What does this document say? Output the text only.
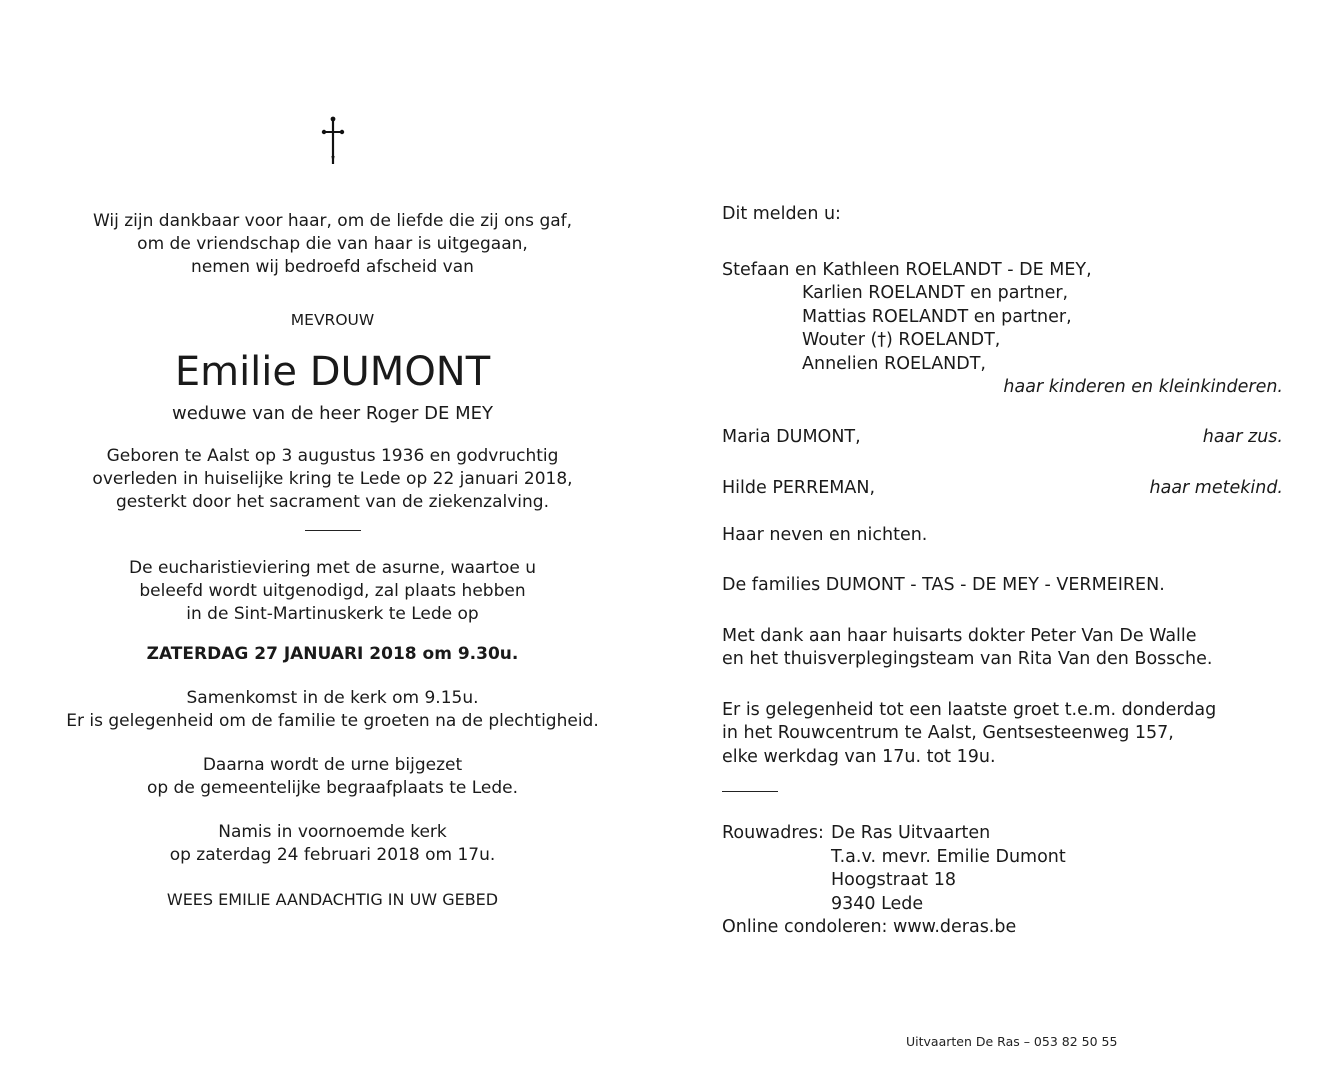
Wij zijn dankbaar voor haar, om de liefde die zij ons gaf,
om de vriendschap die van haar is uitgegaan,
nemen wij bedroefd afscheid van
MEVROUW
Emilie DUMONT
weduwe van de heer Roger DE MEY
Geboren te Aalst op 3 augustus 1936 en godvruchtig
overleden in huiselijke kring te Lede op 22 januari 2018,
gesterkt door het sacrament van de ziekenzalving.
De eucharistieviering met de asurne, waartoe u
beleefd wordt uitgenodigd, zal plaats hebben
in de Sint-Martinuskerk te Lede op
ZATERDAG 27 JANUARI 2018 om 9.30u.
Samenkomst in de kerk om 9.15u.
Er is gelegenheid om de familie te groeten na de plechtigheid.
Daarna wordt de urne bijgezet
op de gemeentelijke begraafplaats te Lede.
Namis in voornoemde kerk
op zaterdag 24 februari 2018 om 17u.
WEES EMILIE AANDACHTIG IN UW GEBED
Dit melden u:
Stefaan en Kathleen ROELANDT - DE MEY,
Karlien ROELANDT en partner,
Mattias ROELANDT en partner,
Wouter (†) ROELANDT,
Annelien ROELANDT,
haar kinderen en kleinkinderen.
Maria DUMONT,	haar zus.
Hilde PERREMAN,	haar metekind.
Haar neven en nichten.
De families DUMONT - TAS - DE MEY - VERMEIREN.
Met dank aan haar huisarts dokter Peter Van De Walle
en het thuisverplegingsteam van Rita Van den Bossche.
Er is gelegenheid tot een laatste groet t.e.m. donderdag
in het Rouwcentrum te Aalst, Gentsesteenweg 157,
elke werkdag van 17u. tot 19u.
Rouwadres: De Ras Uitvaarten
T.a.v. mevr. Emilie Dumont
Hoogstraat 18
9340 Lede
Online condoleren: www.deras.be
Uitvaarten De Ras – 053 82 50 55
